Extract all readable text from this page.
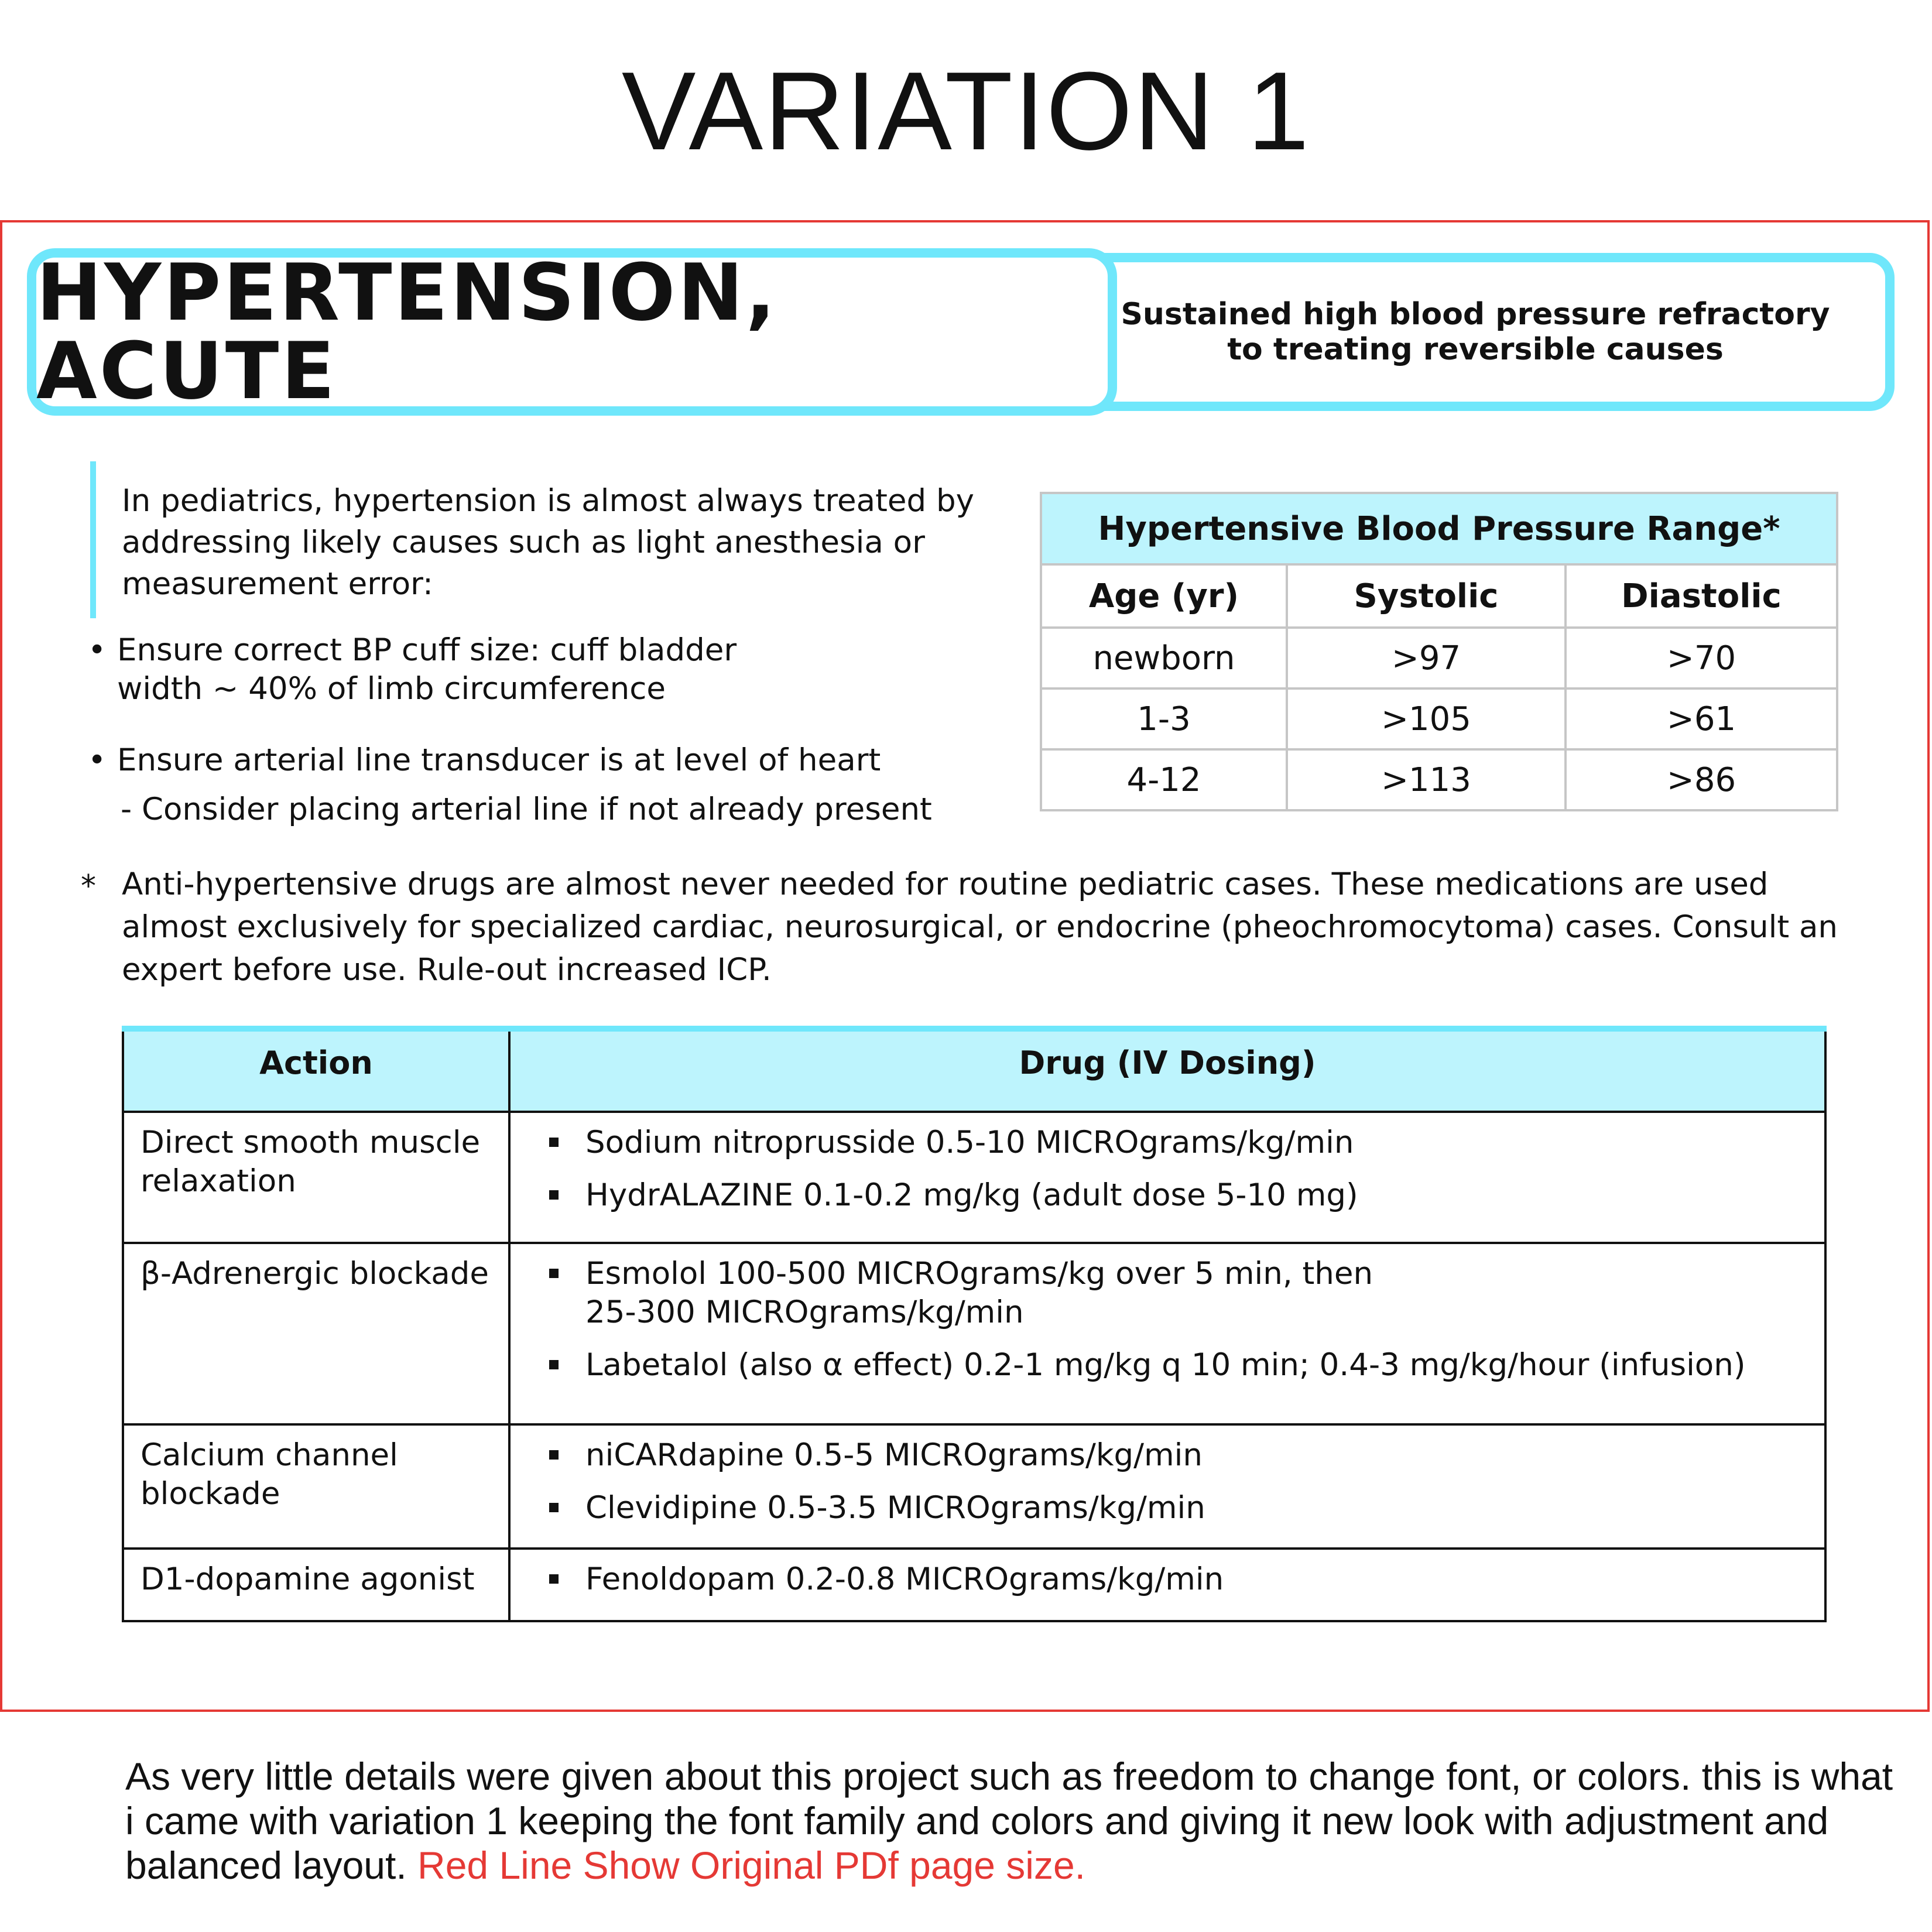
VARIATION 1
Sustained high blood pressure refractory
to treating reversible causes
HYPERTENSION, ACUTE
In pediatrics, hypertension is almost always treated by addressing likely causes such as light anesthesia or measurement error:
• Ensure correct BP cuff size: cuff bladder
width ~ 40% of limb circumference
• Ensure arterial line transducer is at level of heart
- Consider placing arterial line if not already present
Hypertensive Blood Pressure Range*		
Age (yr)	Systolic	Diastolic
newborn	>97	>70
1-3	>105	>61
4-12	>113	>86
* Anti-hypertensive drugs are almost never needed for routine pediatric cases. These medications are used almost exclusively for specialized cardiac, neurosurgical, or endocrine (pheochromocytoma) cases. Consult an expert before use. Rule-out increased ICP.
Action	Drug (IV Dosing)
Direct smooth muscle relaxation	Sodium nitroprusside 0.5-10 MICROgrams/kg/min
HydrALAZINE 0.1-0.2 mg/kg (adult dose 5-10 mg)

β-Adrenergic blockade	Esmolol 100-500 MICROgrams/kg over 5 min, then
25-300 MICROgrams/kg/min
Labetalol (also α effect) 0.2-1 mg/kg q 10 min; 0.4-3 mg/kg/hour (infusion)

Calcium channel blockade	niCARdapine 0.5-5 MICROgrams/kg/min
Clevidipine 0.5-3.5 MICROgrams/kg/min

D1-dopamine agonist	Fenoldopam 0.2-0.8 MICROgrams/kg/min
As very little details were given about this project such as freedom to change font, or colors. this is what i came with variation 1 keeping the font family and colors and giving it new look with adjustment and balanced layout. Red Line Show Original PDf page size.
